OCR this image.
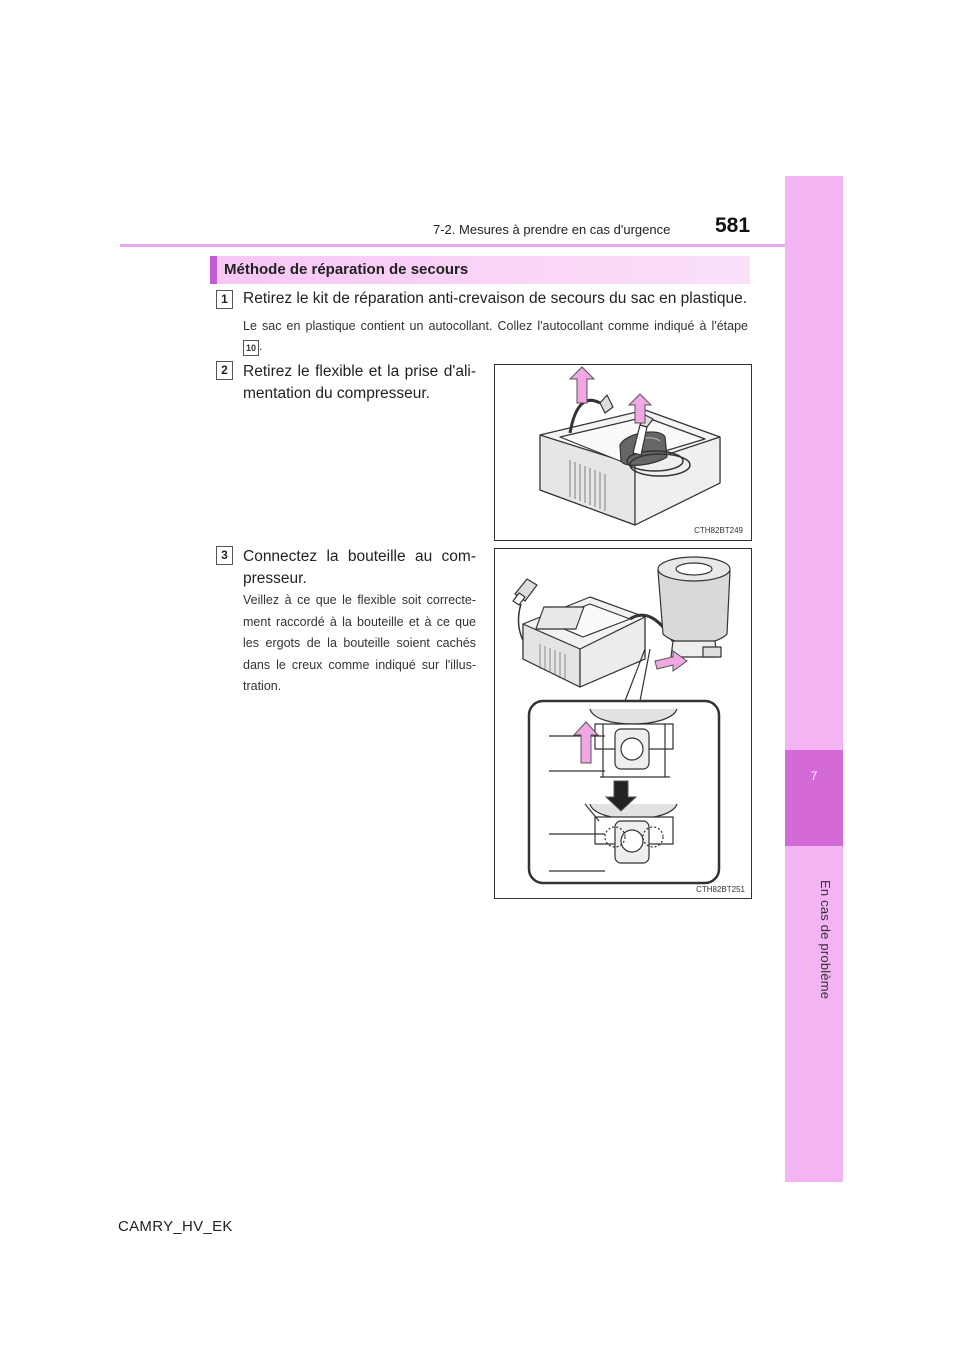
7
En cas de problème
7-2. Mesures à prendre en cas d'urgence 581
Méthode de réparation de secours
1 Retirez le kit de réparation anti-crevaison de secours du sac en plastique.
Le sac en plastique contient un autocollant. Collez l'autocollant comme indiqué à l'étape 10 .
2 Retirez le flexible et la prise d'ali-mentation du compresseur.
CTH82BT249
3 Connectez la bouteille au com-presseur.
Veillez à ce que le flexible soit correcte-ment raccordé à la bouteille et à ce que les ergots de la bouteille soient cachés dans le creux comme indiqué sur l'illus-tration.
CTH82BT251
CAMRY_HV_EK
